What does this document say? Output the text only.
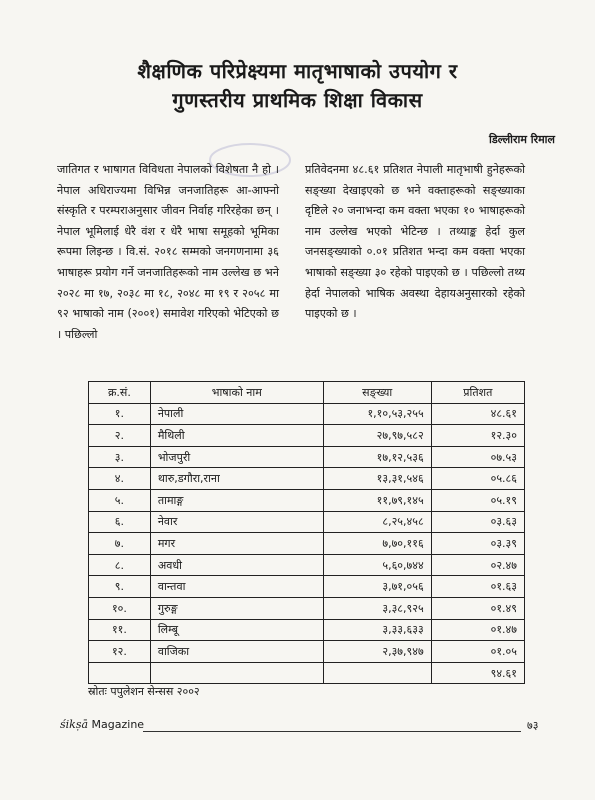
शैक्षणिक परिप्रेक्ष्यमा मातृभाषाको उपयोग र
गुणस्तरीय प्राथमिक शिक्षा विकास
डिल्लीराम रिमाल

जातिगत र भाषागत विविधता नेपालको विशेषता नै हो । नेपाल अधिराज्यमा विभिन्न जनजातिहरू आ-आफ्नो संस्कृति र परम्पराअनुसार जीवन निर्वाह गरिरहेका छन् । नेपाल भूमिलाई धेरै वंश र धेरै भाषा समूहको भूमिका रूपमा लिइन्छ । वि.सं. २०१८ सम्मको जनगणनामा ३६ भाषाहरू प्रयोग गर्ने जनजातिहरूको नाम उल्लेख छ भने २०२८ मा १७, २०३८ मा १८, २०४८ मा १९ र २०५८ मा ९२ भाषाको नाम (२००१) समावेश गरिएको भेटिएको छ । पछिल्लो

प्रतिवेदनमा ४८.६१ प्रतिशत नेपाली मातृभाषी हुनेहरूको सङ्ख्या देखाइएको छ भने वक्ताहरूको सङ्ख्याका दृष्टिले २० जनाभन्दा कम वक्ता भएका १० भाषाहरूको नाम उल्लेख भएको भेटिन्छ । तथ्याङ्क हेर्दा कुल जनसङ्ख्याको ०.०१ प्रतिशत भन्दा कम वक्ता भएका भाषाको सङ्ख्या ३० रहेको पाइएको छ । पछिल्लो तथ्य हेर्दा नेपालको भाषिक अवस्था देहायअनुसारको रहेको पाइएको छ ।

क्र.सं.	भाषाको नाम	सङ्ख्या	प्रतिशत
१.	नेपाली	१,१०,५३,२५५	४८.६१
२.	मैथिली	२७,९७,५८२	१२.३०
३.	भोजपुरी	१७,१२,५३६	०७.५३
४.	थारु,डगौरा,राना	१३,३१,५४६	०५.८६
५.	तामाङ्ग	११,७९,१४५	०५.१९
६.	नेवार	८,२५,४५८	०३.६३
७.	मगर	७,७०,११६	०३.३९
८.	अवधी	५,६०,७४४	०२.४७
९.	वान्तवा	३,७१,०५६	०१.६३
१०.	गुरुङ्ग	३,३८,९२५	०१.४९
११.	लिम्बू	३,३३,६३३	०१.४७
१२.	वाजिका	२,३७,९४७	०१.०५
			९४.६१
स्रोतः पपुलेशन सेन्सस २००२
śikṣā Magazine	७३
